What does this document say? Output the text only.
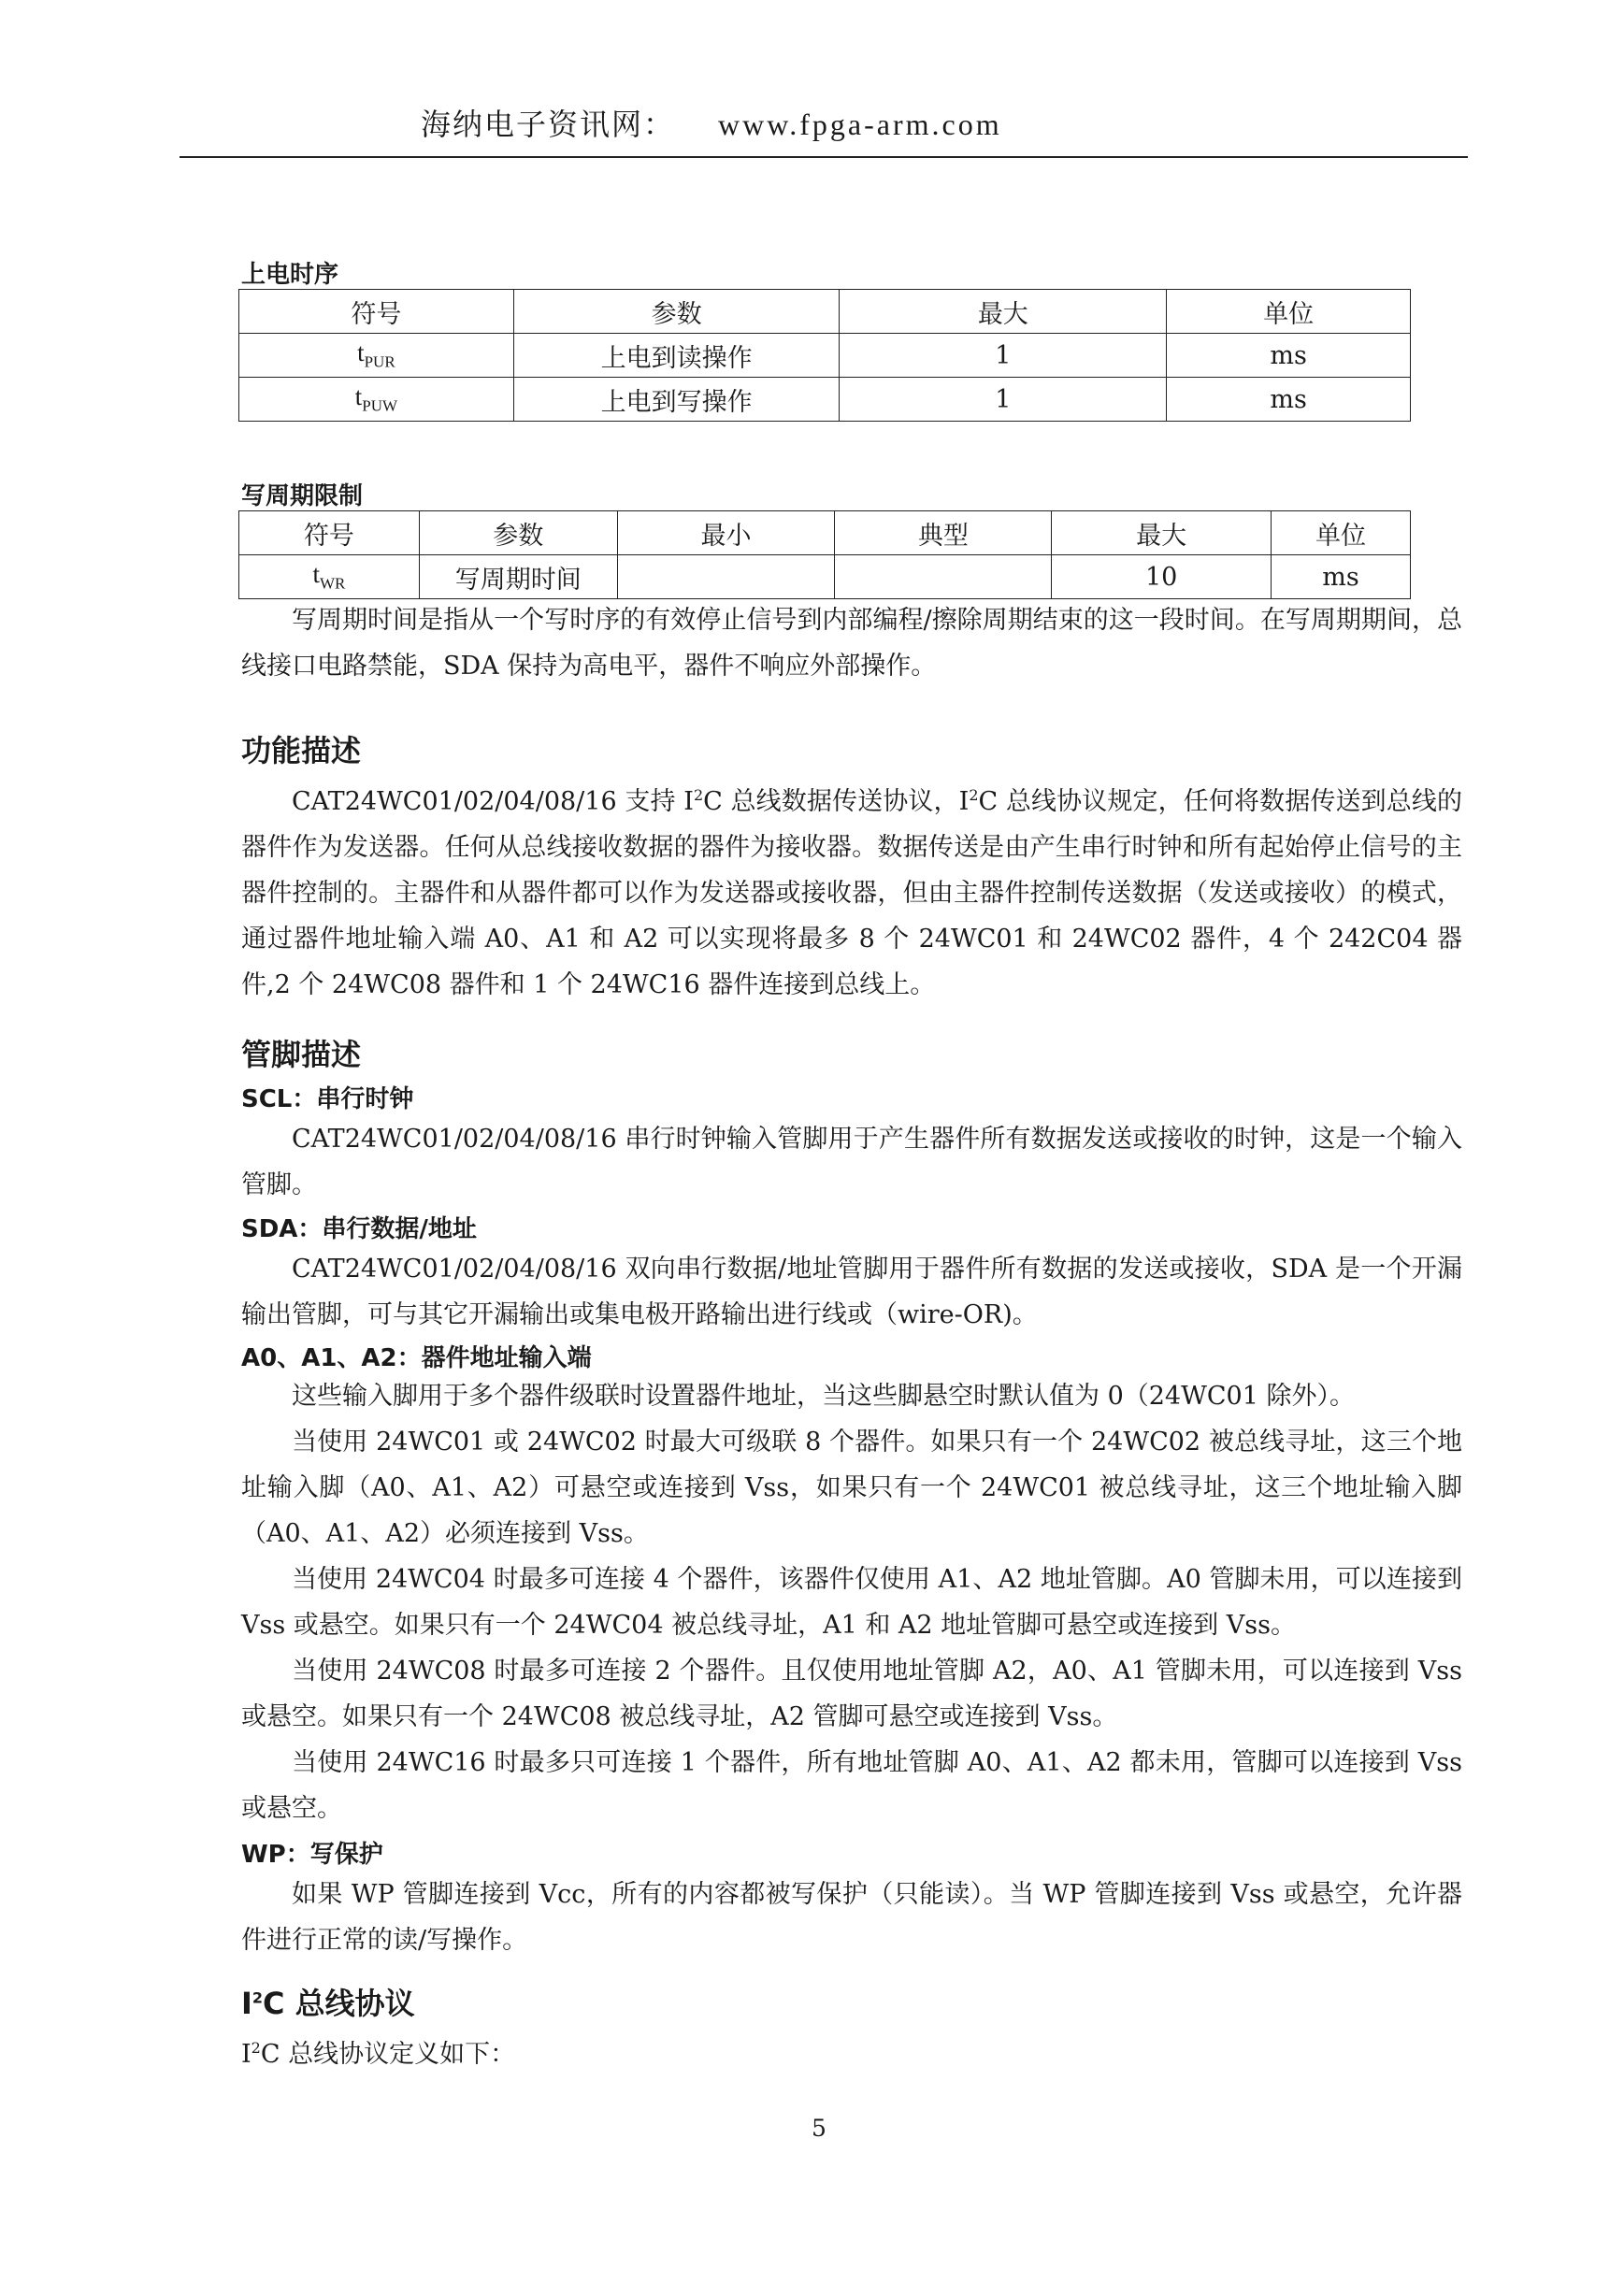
海纳电子资讯网： www.fpga-arm.com
上电时序
符号	参数	最大	单位
$t_{PUR}$	上电到读操作	1	ms
$t_{PUW}$	上电到写操作	1	ms
写周期限制
符号	参数	最小	典型	最大	单位
$t_{WR}$	写周期时间			10	ms
写周期时间是指从一个写时序的有效停止信号到内部编程/擦除周期结束的这一段时间。在写周期期间，总线接口电路禁能，SDA 保持为高电平，器件不响应外部操作。
功能描述
CAT24WC01/02/04/08/16 支持 $I^2C$ 总线数据传送协议，$I^2C$ 总线协议规定，任何将数据传送到总线的器件作为发送器。任何从总线接收数据的器件为接收器。数据传送是由产生串行时钟和所有起始停止信号的主器件控制的。主器件和从器件都可以作为发送器或接收器，但由主器件控制传送数据（发送或接收）的模式，通过器件地址输入端 A0、A1 和 A2 可以实现将最多 8 个 24WC01 和 24WC02 器件，4 个 242C04 器件,2 个 24WC08 器件和 1 个 24WC16 器件连接到总线上。
管脚描述
SCL：串行时钟
CAT24WC01/02/04/08/16 串行时钟输入管脚用于产生器件所有数据发送或接收的时钟，这是一个输入管脚。
SDA：串行数据/地址
CAT24WC01/02/04/08/16 双向串行数据/地址管脚用于器件所有数据的发送或接收，SDA 是一个开漏输出管脚，可与其它开漏输出或集电极开路输出进行线或（wire-OR)。
A0、A1、A2：器件地址输入端
这些输入脚用于多个器件级联时设置器件地址，当这些脚悬空时默认值为 0（24WC01 除外）。
当使用 24WC01 或 24WC02 时最大可级联 8 个器件。如果只有一个 24WC02 被总线寻址，这三个地址输入脚（A0、A1、A2）可悬空或连接到 Vss，如果只有一个 24WC01 被总线寻址，这三个地址输入脚（A0、A1、A2）必须连接到 Vss。
当使用 24WC04 时最多可连接 4 个器件，该器件仅使用 A1、A2 地址管脚。A0 管脚未用，可以连接到 Vss 或悬空。如果只有一个 24WC04 被总线寻址，A1 和 A2 地址管脚可悬空或连接到 Vss。
当使用 24WC08 时最多可连接 2 个器件。且仅使用地址管脚 A2，A0、A1 管脚未用，可以连接到 Vss 或悬空。如果只有一个 24WC08 被总线寻址，A2 管脚可悬空或连接到 Vss。
当使用 24WC16 时最多只可连接 1 个器件，所有地址管脚 A0、A1、A2 都未用，管脚可以连接到 Vss 或悬空。
WP：写保护
如果 WP 管脚连接到 Vcc，所有的内容都被写保护（只能读）。当 WP 管脚连接到 Vss 或悬空，允许器件进行正常的读/写操作。
$I^2C$ 总线协议
$I^2C$ 总线协议定义如下：
5
